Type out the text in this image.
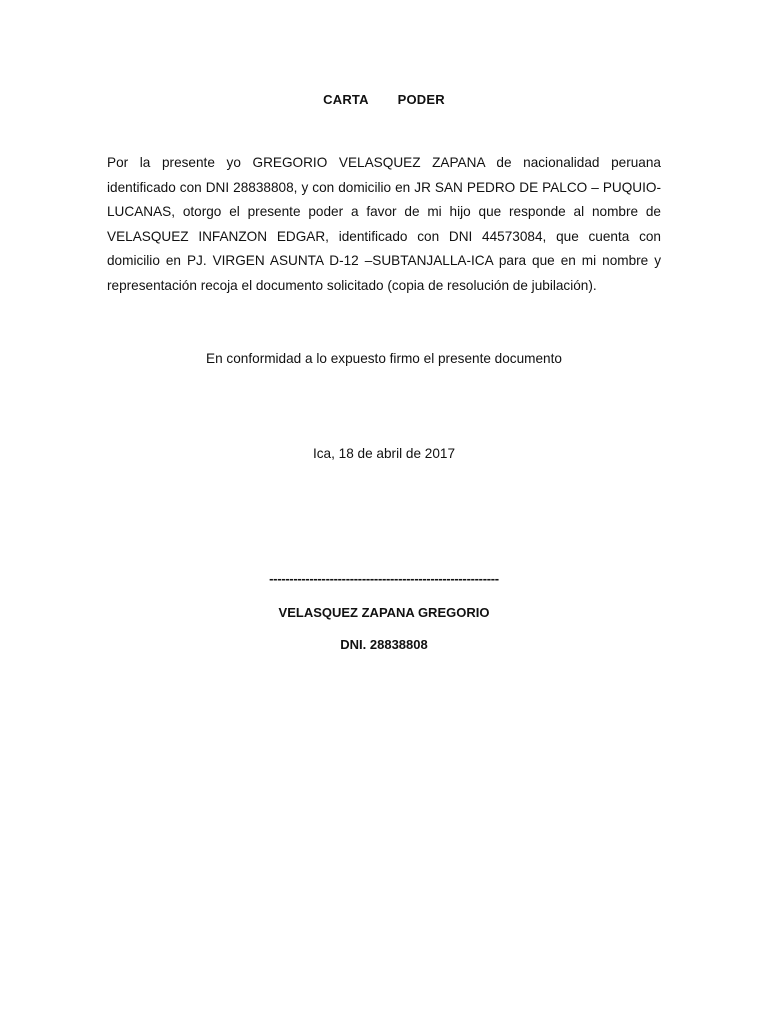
CARTA   PODER
Por la presente yo GREGORIO VELASQUEZ ZAPANA de nacionalidad peruana identificado con DNI 28838808, y con domicilio en JR SAN PEDRO DE PALCO – PUQUIO-LUCANAS, otorgo el presente poder a favor de mi hijo que responde al nombre de VELASQUEZ INFANZON EDGAR, identificado con DNI 44573084, que cuenta con domicilio en PJ. VIRGEN ASUNTA D-12 –SUBTANJALLA-ICA para que en mi nombre y representación recoja el documento solicitado (copia de resolución de jubilación).
En conformidad a lo expuesto firmo el presente documento
Ica, 18 de abril de 2017
---------------------------------------------------------
VELASQUEZ ZAPANA GREGORIO
DNI. 28838808
